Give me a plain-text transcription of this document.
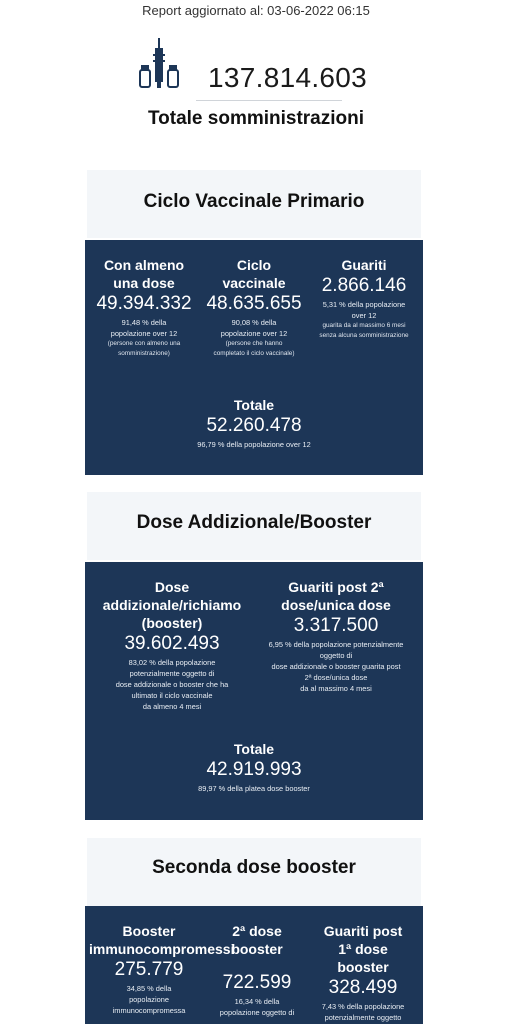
Report aggiornato al: 03-06-2022 06:15
137.814.603
Totale somministrazioni
Ciclo Vaccinale Primario
Con almeno
una dose
49.394.332
91,48 % della
popolazione over 12
(persone con almeno una
somministrazione)
Ciclo
vaccinale
48.635.655
90,08 % della
popolazione over 12
(persone che hanno
completato il ciclo vaccinale)
Guariti
2.866.146
5,31 % della popolazione
over 12
guarita da al massimo 6 mesi
senza alcuna somministrazione
Totale
52.260.478
96,79 % della popolazione over 12
Dose Addizionale/Booster
Dose
addizionale/richiamo
(booster)
39.602.493
83,02 % della popolazione
potenzialmente oggetto di
dose addizionale o booster che ha
ultimato il ciclo vaccinale
da almeno 4 mesi
Guariti post 2ª
dose/unica dose
3.317.500
6,95 % della popolazione potenzialmente
oggetto di
dose addizionale o booster guarita post
2ª dose/unica dose
da al massimo 4 mesi
Totale
42.919.993
89,97 % della platea dose booster
Seconda dose booster
Booster
immunocompromessi
275.779
34,85 % della
popolazione
immunocompromessa
2ª dose
booster
722.599
16,34 % della
popolazione oggetto di
Guariti post
1ª dose
booster
328.499
7,43 % della popolazione
potenzialmente oggetto
